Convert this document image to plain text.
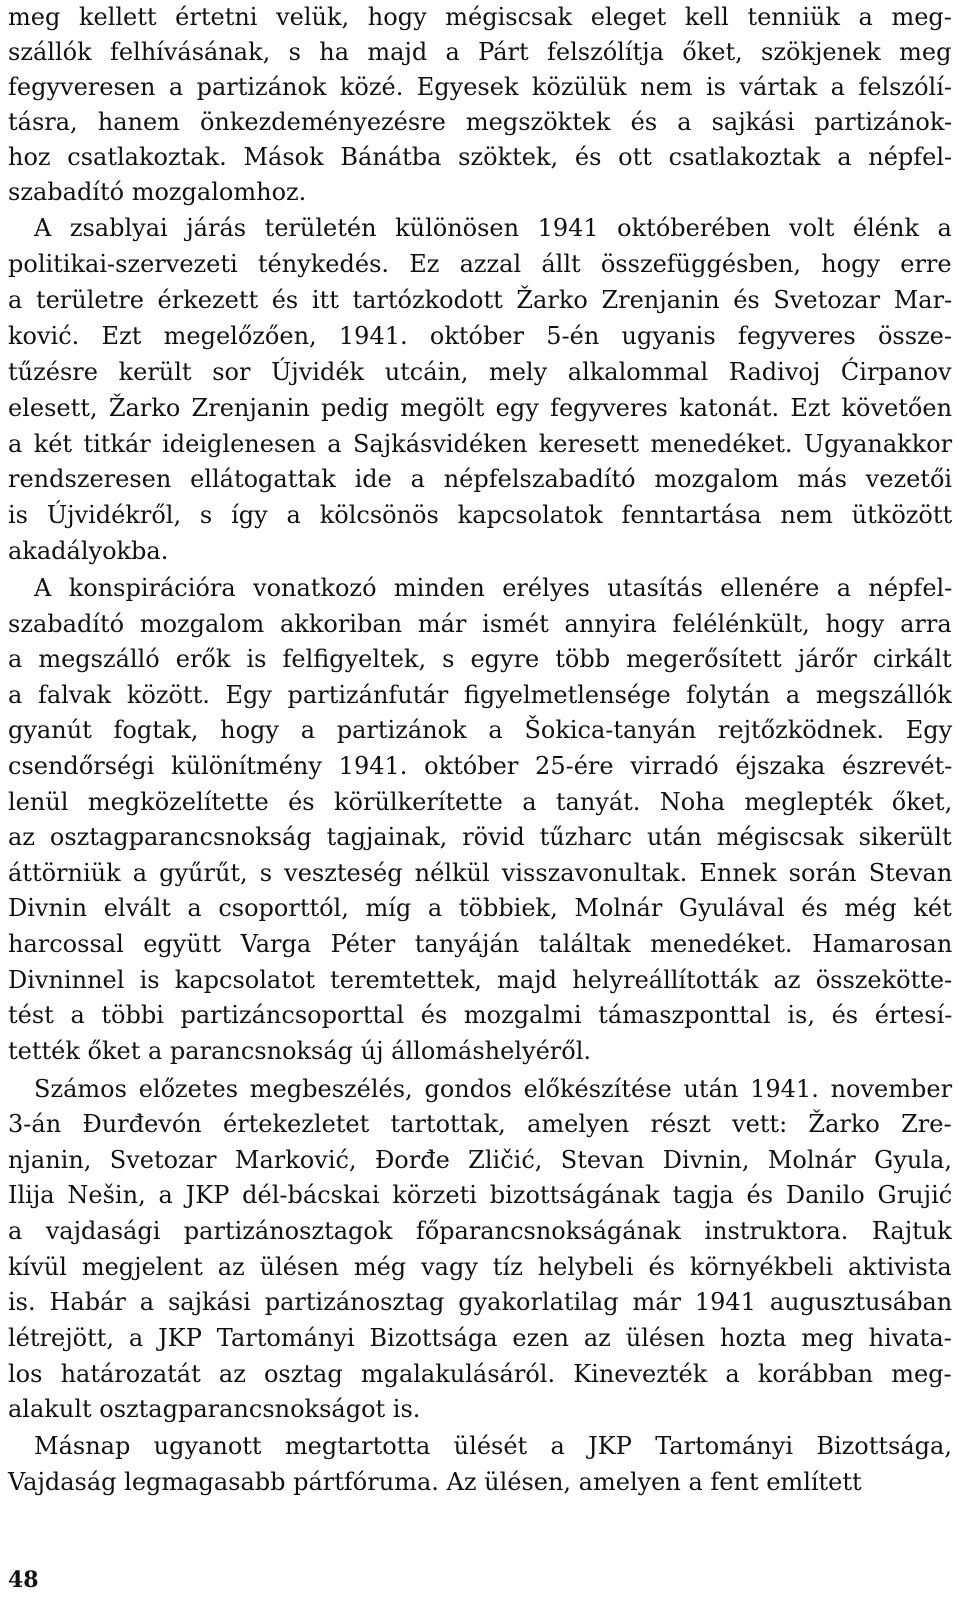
meg kellett értetni velük, hogy mégiscsak eleget kell tenniük a meg-
szállók felhívásának, s ha majd a Párt felszólítja őket, szökjenek meg
fegyveresen a partizánok közé. Egyesek közülük nem is vártak a felszólí-
tásra, hanem önkezdeményezésre megszöktek és a sajkási partizánok-
hoz csatlakoztak. Mások Bánátba szöktek, és ott csatlakoztak a népfel-
szabadító mozgalomhoz.
A zsablyai járás területén különösen 1941 októberében volt élénk a
politikai-szervezeti ténykedés. Ez azzal állt összefüggésben, hogy erre
a területre érkezett és itt tartózkodott Žarko Zrenjanin és Svetozar Mar-
ković. Ezt megelőzően, 1941. október 5-én ugyanis fegyveres össze-
tűzésre került sor Újvidék utcáin, mely alkalommal Radivoj Ćirpanov
elesett, Žarko Zrenjanin pedig megölt egy fegyveres katonát. Ezt követően
a két titkár ideiglenesen a Sajkásvidéken keresett menedéket. Ugyanakkor
rendszeresen ellátogattak ide a népfelszabadító mozgalom más vezetői
is Újvidékről, s így a kölcsönös kapcsolatok fenntartása nem ütközött
akadályokba.
A konspirációra vonatkozó minden erélyes utasítás ellenére a népfel-
szabadító mozgalom akkoriban már ismét annyira felélénkült, hogy arra
a megszálló erők is felfigyeltek, s egyre több megerősített járőr cirkált
a falvak között. Egy partizánfutár figyelmetlensége folytán a megszállók
gyanút fogtak, hogy a partizánok a Šokica-tanyán rejtőzködnek. Egy
csendőrségi különítmény 1941. október 25-ére virradó éjszaka észrevét-
lenül megközelítette és körülkerítette a tanyát. Noha meglepték őket,
az osztagparancsnokság tagjainak, rövid tűzharc után mégiscsak sikerült
áttörniük a gyűrűt, s veszteség nélkül visszavonultak. Ennek során Stevan
Divnin elvált a csoporttól, míg a többiek, Molnár Gyulával és még két
harcossal együtt Varga Péter tanyáján találtak menedéket. Hamarosan
Divninnel is kapcsolatot teremtettek, majd helyreállították az összekötte-
tést a többi partizáncsoporttal és mozgalmi támaszponttal is, és értesí-
tették őket a parancsnokság új állomáshelyéről.
Számos előzetes megbeszélés, gondos előkészítése után 1941. november
3-án Đurđevón értekezletet tartottak, amelyen részt vett: Žarko Zre-
njanin, Svetozar Marković, Đorđe Zličić, Stevan Divnin, Molnár Gyula,
Ilija Nešin, a JKP dél-bácskai körzeti bizottságának tagja és Danilo Grujić
a vajdasági partizánosztagok főparancsnokságának instruktora. Rajtuk
kívül megjelent az ülésen még vagy tíz helybeli és környékbeli aktivista
is. Habár a sajkási partizánosztag gyakorlatilag már 1941 augusztusában
létrejött, a JKP Tartományi Bizottsága ezen az ülésen hozta meg hivata-
los határozatát az osztag mgalakulásáról. Kinevezték a korábban meg-
alakult osztagparancsnokságot is.
Másnap ugyanott megtartotta ülését a JKP Tartományi Bizottsága,
Vajdaság legmagasabb pártfóruma. Az ülésen, amelyen a fent említett
48
